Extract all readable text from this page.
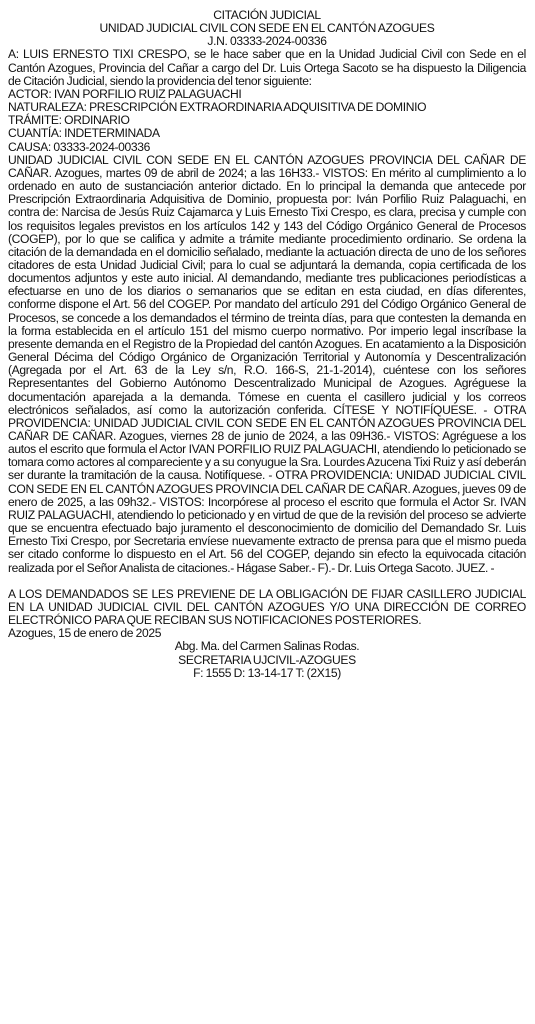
CITACIÓN JUDICIAL

UNIDAD JUDICIAL CIVIL CON SEDE EN EL CANTÓN AZOGUES

J.N. 03333-2024-00336

A: LUIS ERNESTO TIXI CRESPO, se le hace saber que en la Unidad Judicial Civil con Sede en el Cantón Azogues, Provincia del Cañar a cargo del Dr. Luis Ortega Sacoto se ha dispuesto la Diligencia de Citación Judicial, siendo la providencia del tenor siguiente:

ACTOR: IVAN PORFILIO RUIZ PALAGUACHI

NATURALEZA: PRESCRIPCIÓN EXTRAORDINARIA ADQUISITIVA DE DOMINIO

TRÁMITE: ORDINARIO

CUANTÍA: INDETERMINADA

CAUSA: 03333-2024-00336

UNIDAD JUDICIAL CIVIL CON SEDE EN EL CANTÓN AZOGUES PROVINCIA DEL CAÑAR DE CAÑAR. Azogues, martes 09 de abril de 2024; a las 16H33.- VISTOS: En mérito al cumplimiento a lo ordenado en auto de sustanciación anterior dictado. En lo principal la demanda que antecede por Prescripción Extraordinaria Adquisitiva de Dominio, propuesta por: Iván Porfilio Ruiz Palaguachi, en contra de: Narcisa de Jesús Ruiz Cajamarca y Luis Ernesto Tixi Crespo, es clara, precisa y cumple con los requisitos legales previstos en los artículos 142 y 143 del Código Orgánico General de Procesos (COGEP), por lo que se califica y admite a trámite mediante procedimiento ordinario. Se ordena la citación de la demandada en el domicilio señalado, mediante la actuación directa de uno de los señores citadores de esta Unidad Judicial Civil; para lo cual se adjuntará la demanda, copia certificada de los documentos adjuntos y este auto inicial. Al demandando, mediante tres publicaciones periodísticas a efectuarse en uno de los diarios o semanarios que se editan en esta ciudad, en días diferentes, conforme dispone el Art. 56 del COGEP. Por mandato del artículo 291 del Código Orgánico General de Procesos, se concede a los demandados el término de treinta días, para que contesten la demanda en la forma establecida en el artículo 151 del mismo cuerpo normativo. Por imperio legal inscríbase la presente demanda en el Registro de la Propiedad del cantón Azogues. En acatamiento a la Disposición General Décima del Código Orgánico de Organización Territorial y Autonomía y Descentralización (Agregada por el Art. 63 de la Ley s/n, R.O. 166-S, 21-1-2014), cuéntese con los señores Representantes del Gobierno Autónomo Descentralizado Municipal de Azogues. Agréguese la documentación aparejada a la demanda. Tómese en cuenta el casillero judicial y los correos electrónicos señalados, así como la autorización conferida. CÍTESE Y NOTIFÍQUESE. - OTRA PROVIDENCIA: UNIDAD JUDICIAL CIVIL CON SEDE EN EL CANTÓN AZOGUES PROVINCIA DEL CAÑAR DE CAÑAR. Azogues, viernes 28 de junio de 2024, a las 09H36.- VISTOS: Agréguese a los autos el escrito que formula el Actor IVAN PORFILIO RUIZ PALAGUACHI, atendiendo lo peticionado se tomara como actores al compareciente y a su conyugue la Sra. Lourdes Azucena Tixi Ruiz y así deberán ser durante la tramitación de la causa. Notifíquese. - OTRA PROVIDENCIA: UNIDAD JUDICIAL CIVIL CON SEDE EN EL CANTÓN AZOGUES PROVINCIA DEL CAÑAR DE CAÑAR. Azogues, jueves 09 de enero de 2025, a las 09h32.- VISTOS: Incorpórese al proceso el escrito que formula el Actor Sr. IVAN RUIZ PALAGUACHI, atendiendo lo peticionado y en virtud de que de la revisión del proceso se advierte que se encuentra efectuado bajo juramento el desconocimiento de domicilio del Demandado Sr. Luis Ernesto Tixi Crespo, por Secretaria envíese nuevamente extracto de prensa para que el mismo pueda ser citado conforme lo dispuesto en el Art. 56 del COGEP, dejando sin efecto la equivocada citación realizada por el Señor Analista de citaciones.- Hágase Saber.- F).- Dr. Luis Ortega Sacoto. JUEZ. -

A LOS DEMANDADOS SE LES PREVIENE DE LA OBLIGACIÓN DE FIJAR CASILLERO JUDICIAL EN LA UNIDAD JUDICIAL CIVIL DEL CANTÓN AZOGUES Y/O UNA DIRECCIÓN DE CORREO ELECTRÓNICO PARA QUE RECIBAN SUS NOTIFICACIONES POSTERIORES.

Azogues, 15 de enero de 2025

Abg. Ma. del Carmen Salinas Rodas.

SECRETARIA UJCIVIL-AZOGUES

F: 1555 D: 13-14-17 T: (2X15)
